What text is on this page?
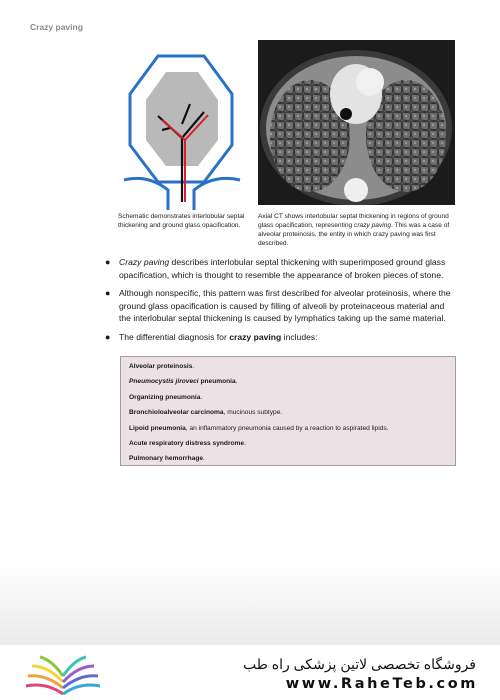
Crazy paving
Schematic demonstrates interlobular septal thickening and ground glass opacification.
Axial CT shows interlobular septal thickening in regions of ground glass opacification, representing crazy paving. This was a case of alveolar proteinosis, the entity in which crazy paving was first described.
● Crazy paving describes interlobular septal thickening with superimposed ground glass opacification, which is thought to resemble the appearance of broken pieces of stone.
● Although nonspecific, this pattern was first described for alveolar proteinosis, where the ground glass opacification is caused by filling of alveoli by proteinaceous material and the interlobular septal thickening is caused by lymphatics taking up the same material.
● The differential diagnosis for crazy paving includes:
Alveolar proteinosis.
Pneumocystis jiroveci pneumonia.
Organizing pneumonia.
Bronchioloalveolar carcinoma, mucinous subtype.
Lipoid pneumonia, an inflammatory pneumonia caused by a reaction to aspirated lipids.
Acute respiratory distress syndrome.
Pulmonary hemorrhage.
فروشگاه تخصصی لاتین پزشکی راه طب
www.RaheTeb.com
